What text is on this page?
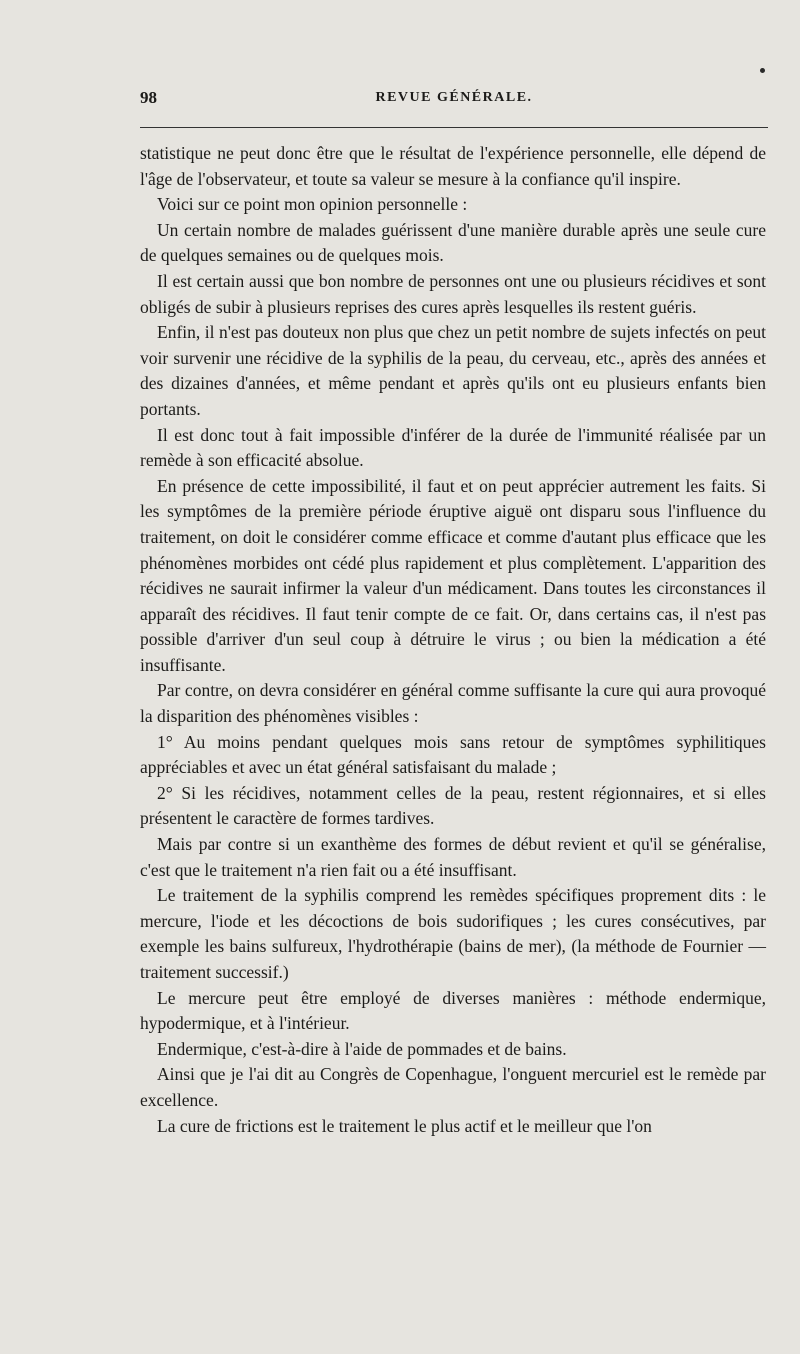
98	REVUE GÉNÉRALE.

statistique ne peut donc être que le résultat de l'expérience personnelle, elle dépend de l'âge de l'observateur, et toute sa valeur se mesure à la confiance qu'il inspire.

Voici sur ce point mon opinion personnelle :

Un certain nombre de malades guérissent d'une manière durable après une seule cure de quelques semaines ou de quelques mois.

Il est certain aussi que bon nombre de personnes ont une ou plusieurs récidives et sont obligés de subir à plusieurs reprises des cures après lesquelles ils restent guéris.

Enfin, il n'est pas douteux non plus que chez un petit nombre de sujets infectés on peut voir survenir une récidive de la syphilis de la peau, du cerveau, etc., après des années et des dizaines d'années, et même pendant et après qu'ils ont eu plusieurs enfants bien portants.

Il est donc tout à fait impossible d'inférer de la durée de l'immunité réalisée par un remède à son efficacité absolue.

En présence de cette impossibilité, il faut et on peut apprécier autrement les faits. Si les symptômes de la première période éruptive aiguë ont disparu sous l'influence du traitement, on doit le considérer comme efficace et comme d'autant plus efficace que les phénomènes morbides ont cédé plus rapidement et plus complètement. L'apparition des récidives ne saurait infirmer la valeur d'un médicament. Dans toutes les circonstances il apparaît des récidives. Il faut tenir compte de ce fait. Or, dans certains cas, il n'est pas possible d'arriver d'un seul coup à détruire le virus ; ou bien la médication a été insuffisante.

Par contre, on devra considérer en général comme suffisante la cure qui aura provoqué la disparition des phénomènes visibles :

1° Au moins pendant quelques mois sans retour de symptômes syphilitiques appréciables et avec un état général satisfaisant du malade ;

2° Si les récidives, notamment celles de la peau, restent régionnaires, et si elles présentent le caractère de formes tardives.

Mais par contre si un exanthème des formes de début revient et qu'il se généralise, c'est que le traitement n'a rien fait ou a été insuffisant.

Le traitement de la syphilis comprend les remèdes spécifiques proprement dits : le mercure, l'iode et les décoctions de bois sudorifiques ; les cures consécutives, par exemple les bains sulfureux, l'hydrothérapie (bains de mer), (la méthode de Fournier — traitement successif.)

Le mercure peut être employé de diverses manières : méthode endermique, hypodermique, et à l'intérieur.

Endermique, c'est-à-dire à l'aide de pommades et de bains.

Ainsi que je l'ai dit au Congrès de Copenhague, l'onguent mercuriel est le remède par excellence.

La cure de frictions est le traitement le plus actif et le meilleur que l'on
